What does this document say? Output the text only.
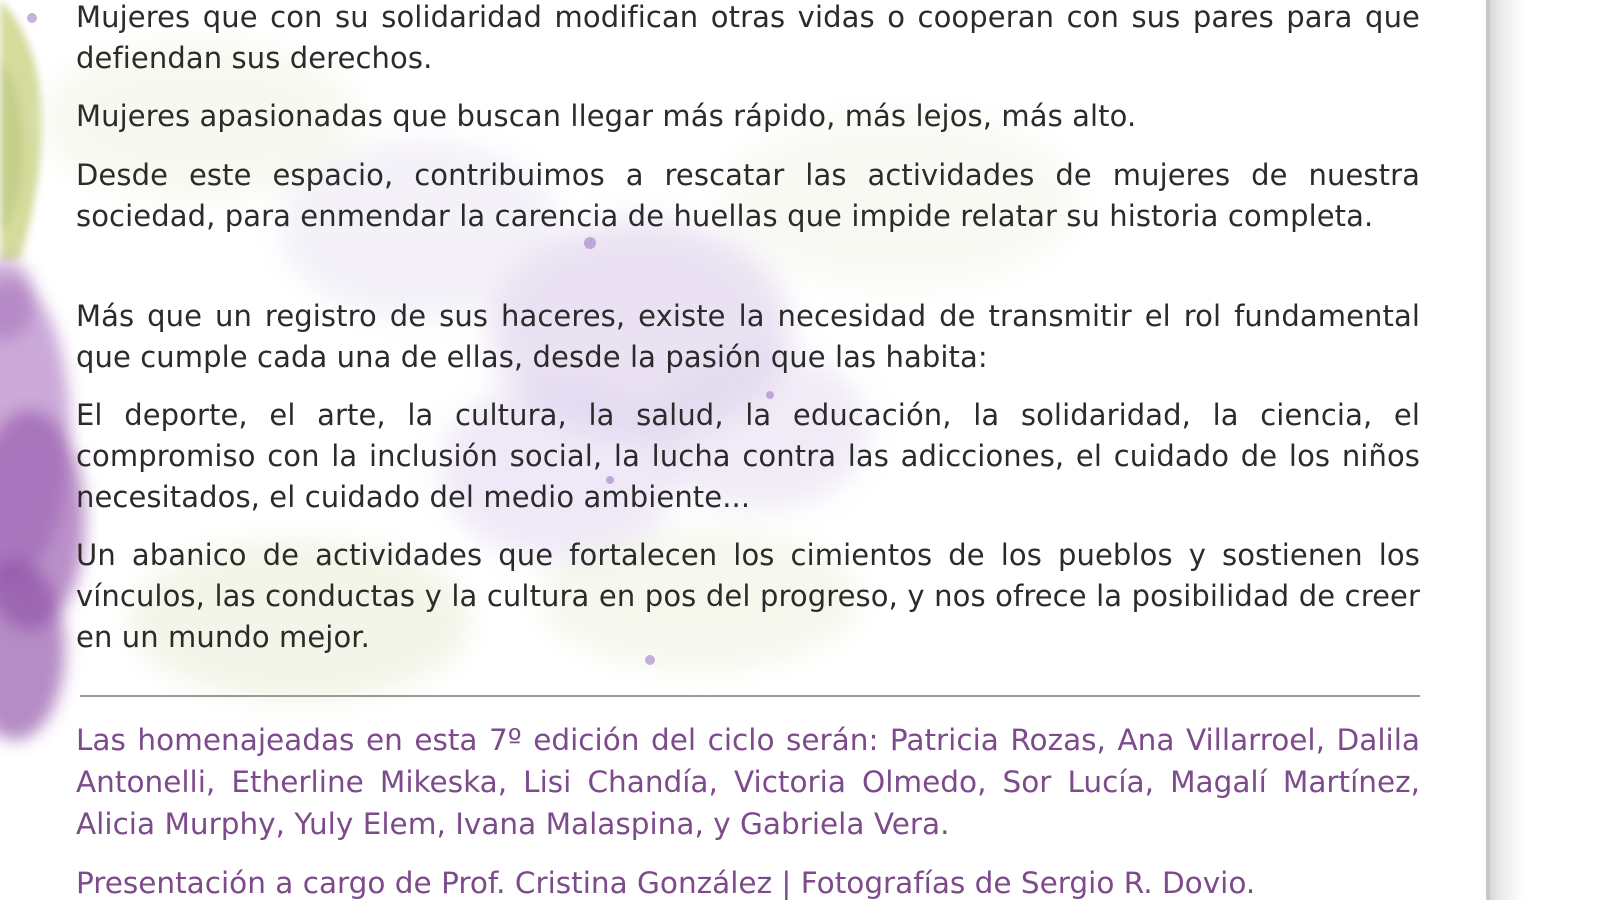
Mujeres que con su solidaridad modifican otras vidas o cooperan con sus pares para que defiendan sus derechos.

Mujeres apasionadas que buscan llegar más rápido, más lejos, más alto.

Desde este espacio, contribuimos a rescatar las actividades de mujeres de nuestra sociedad, para enmendar la carencia de huellas que impide relatar su historia completa.

Más que un registro de sus haceres, existe la necesidad de transmitir el rol fundamental que cumple cada una de ellas, desde la pasión que las habita:

El deporte, el arte, la cultura, la salud, la educación, la solidaridad, la ciencia, el compromiso con la inclusión social, la lucha contra las adicciones, el cuidado de los niños necesitados, el cuidado del medio ambiente...

Un abanico de actividades que fortalecen los cimientos de los pueblos y sostienen los vínculos, las conductas y la cultura en pos del progreso, y nos ofrece la posibilidad de creer en un mundo mejor.

Las homenajeadas en esta 7º edición del ciclo serán: Patricia Rozas, Ana Villarroel, Dalila Antonelli, Etherline Mikeska, Lisi Chandía, Victoria Olmedo, Sor Lucía, Magalí Martínez, Alicia Murphy, Yuly Elem, Ivana Malaspina, y Gabriela Vera.

Presentación a cargo de Prof. Cristina González | Fotografías de Sergio R. Dovio.
